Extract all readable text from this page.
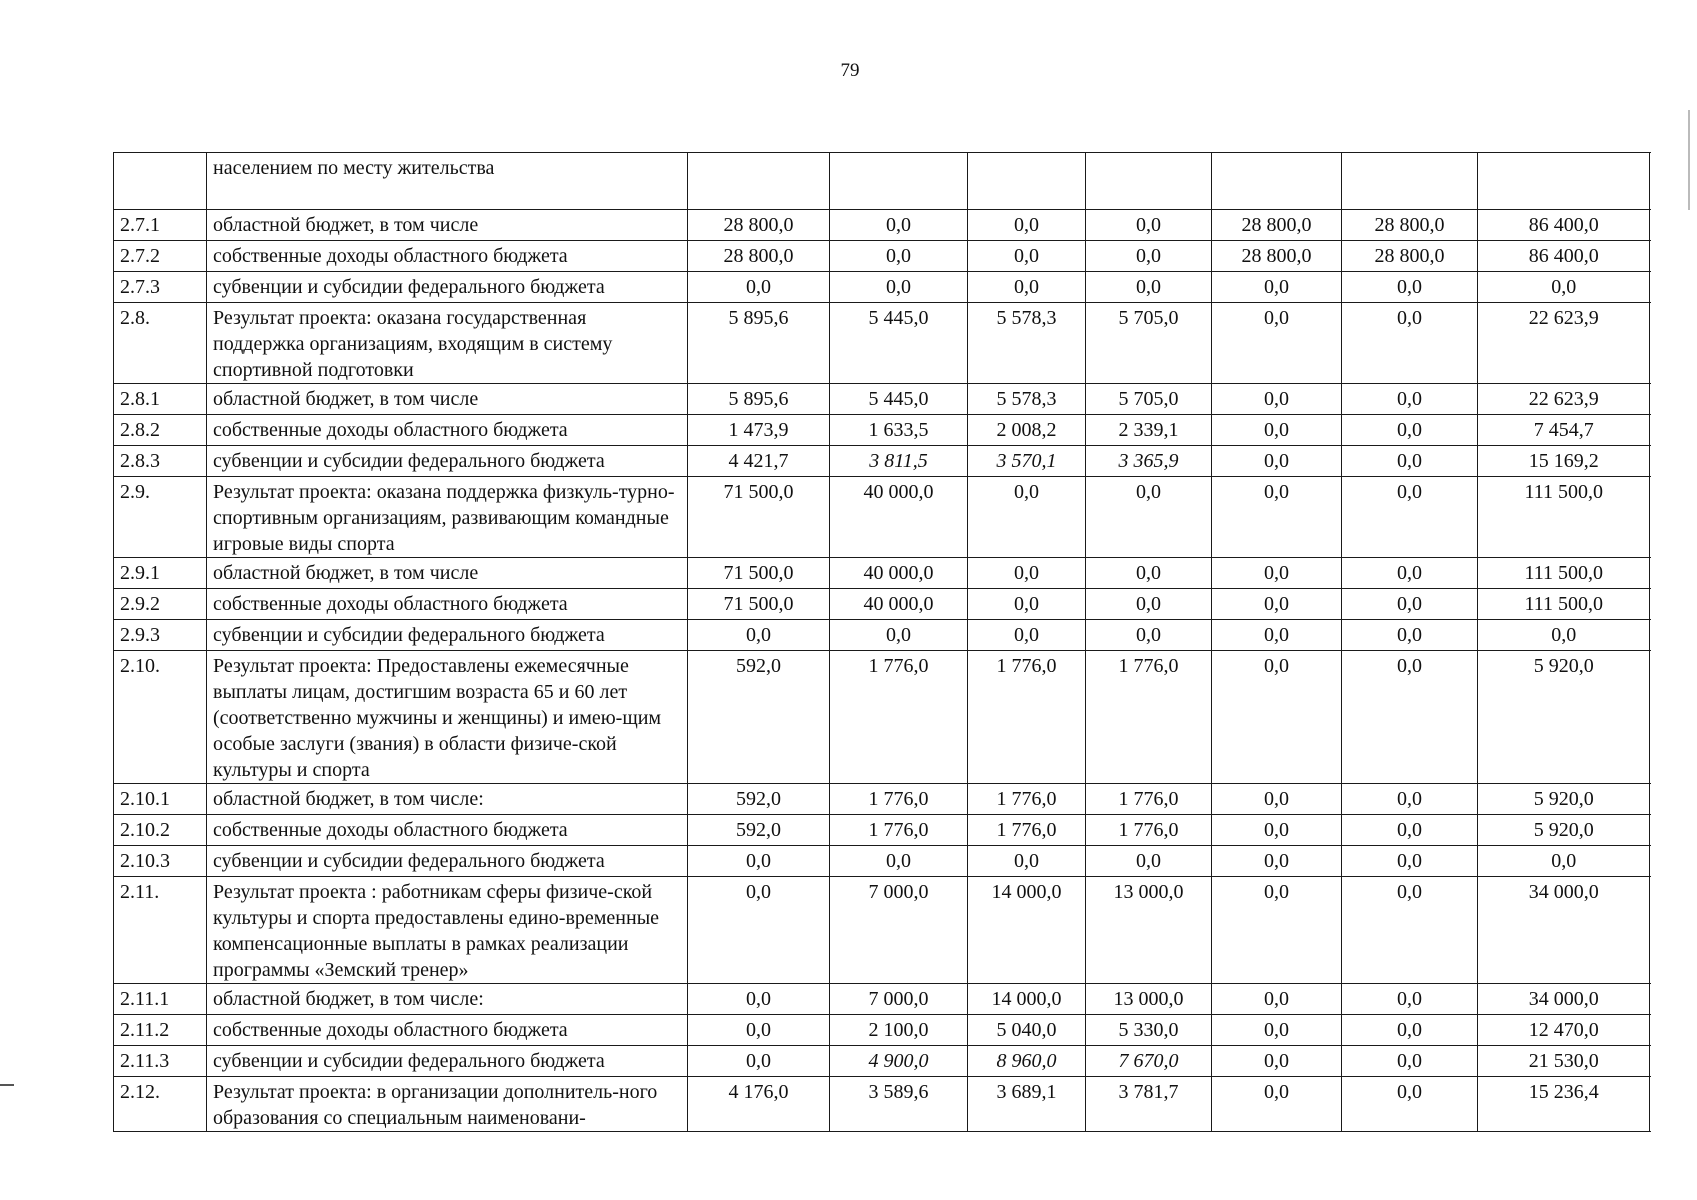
79
	населением по месту жительства								
2.7.1	областной бюджет, в том числе	28 800,0	0,0	0,0	0,0	28 800,0	28 800,0	86 400,0	
2.7.2	собственные доходы областного бюджета	28 800,0	0,0	0,0	0,0	28 800,0	28 800,0	86 400,0	
2.7.3	субвенции и субсидии федерального бюджета	0,0	0,0	0,0	0,0	0,0	0,0	0,0	
2.8.	Результат проекта: оказана государственная поддержка организациям, входящим в систему спортивной подготовки	5 895,6	5 445,0	5 578,3	5 705,0	0,0	0,0	22 623,9	
2.8.1	областной бюджет, в том числе	5 895,6	5 445,0	5 578,3	5 705,0	0,0	0,0	22 623,9	
2.8.2	собственные доходы областного бюджета	1 473,9	1 633,5	2 008,2	2 339,1	0,0	0,0	7 454,7	
2.8.3	субвенции и субсидии федерального бюджета	4 421,7	3 811,5	3 570,1	3 365,9	0,0	0,0	15 169,2	
2.9.	Результат проекта: оказана поддержка физкуль-турно-спортивным организациям, развивающим командные игровые виды спорта	71 500,0	40 000,0	0,0	0,0	0,0	0,0	111 500,0	
2.9.1	областной бюджет, в том числе	71 500,0	40 000,0	0,0	0,0	0,0	0,0	111 500,0	
2.9.2	собственные доходы областного бюджета	71 500,0	40 000,0	0,0	0,0	0,0	0,0	111 500,0	
2.9.3	субвенции и субсидии федерального бюджета	0,0	0,0	0,0	0,0	0,0	0,0	0,0	
2.10.	Результат проекта: Предоставлены ежемесячные выплаты лицам, достигшим возраста 65 и 60 лет (соответственно мужчины и женщины) и имею-щим особые заслуги (звания) в области физиче-ской культуры и спорта	592,0	1 776,0	1 776,0	1 776,0	0,0	0,0	5 920,0	
2.10.1	областной бюджет, в том числе:	592,0	1 776,0	1 776,0	1 776,0	0,0	0,0	5 920,0	
2.10.2	собственные доходы областного бюджета	592,0	1 776,0	1 776,0	1 776,0	0,0	0,0	5 920,0	
2.10.3	субвенции и субсидии федерального бюджета	0,0	0,0	0,0	0,0	0,0	0,0	0,0	
2.11.	Результат проекта : работникам сферы физиче-ской культуры и спорта предоставлены едино-временные компенсационные выплаты в рамках реализации программы «Земский тренер»	0,0	7 000,0	14 000,0	13 000,0	0,0	0,0	34 000,0	
2.11.1	областной бюджет, в том числе:	0,0	7 000,0	14 000,0	13 000,0	0,0	0,0	34 000,0	
2.11.2	собственные доходы областного бюджета	0,0	2 100,0	5 040,0	5 330,0	0,0	0,0	12 470,0	
2.11.3	субвенции и субсидии федерального бюджета	0,0	4 900,0	8 960,0	7 670,0	0,0	0,0	21 530,0	
2.12.	Результат проекта: в организации дополнитель-ного образования со специальным наименовани-	4 176,0	3 589,6	3 689,1	3 781,7	0,0	0,0	15 236,4	
